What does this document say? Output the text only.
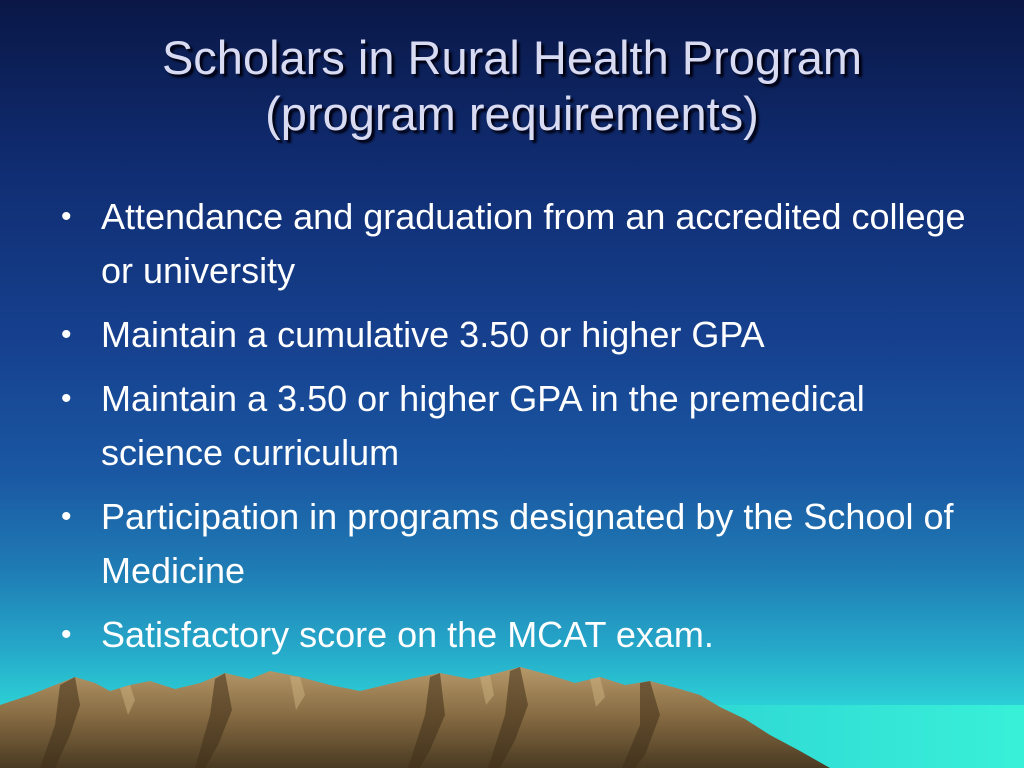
Scholars in Rural Health Program
(program requirements)
• Attendance and graduation from an accredited college or university
• Maintain a cumulative 3.50 or higher GPA
• Maintain a 3.50 or higher GPA in the premedical science curriculum
• Participation in programs designated by the School of Medicine
• Satisfactory score on the MCAT exam.
